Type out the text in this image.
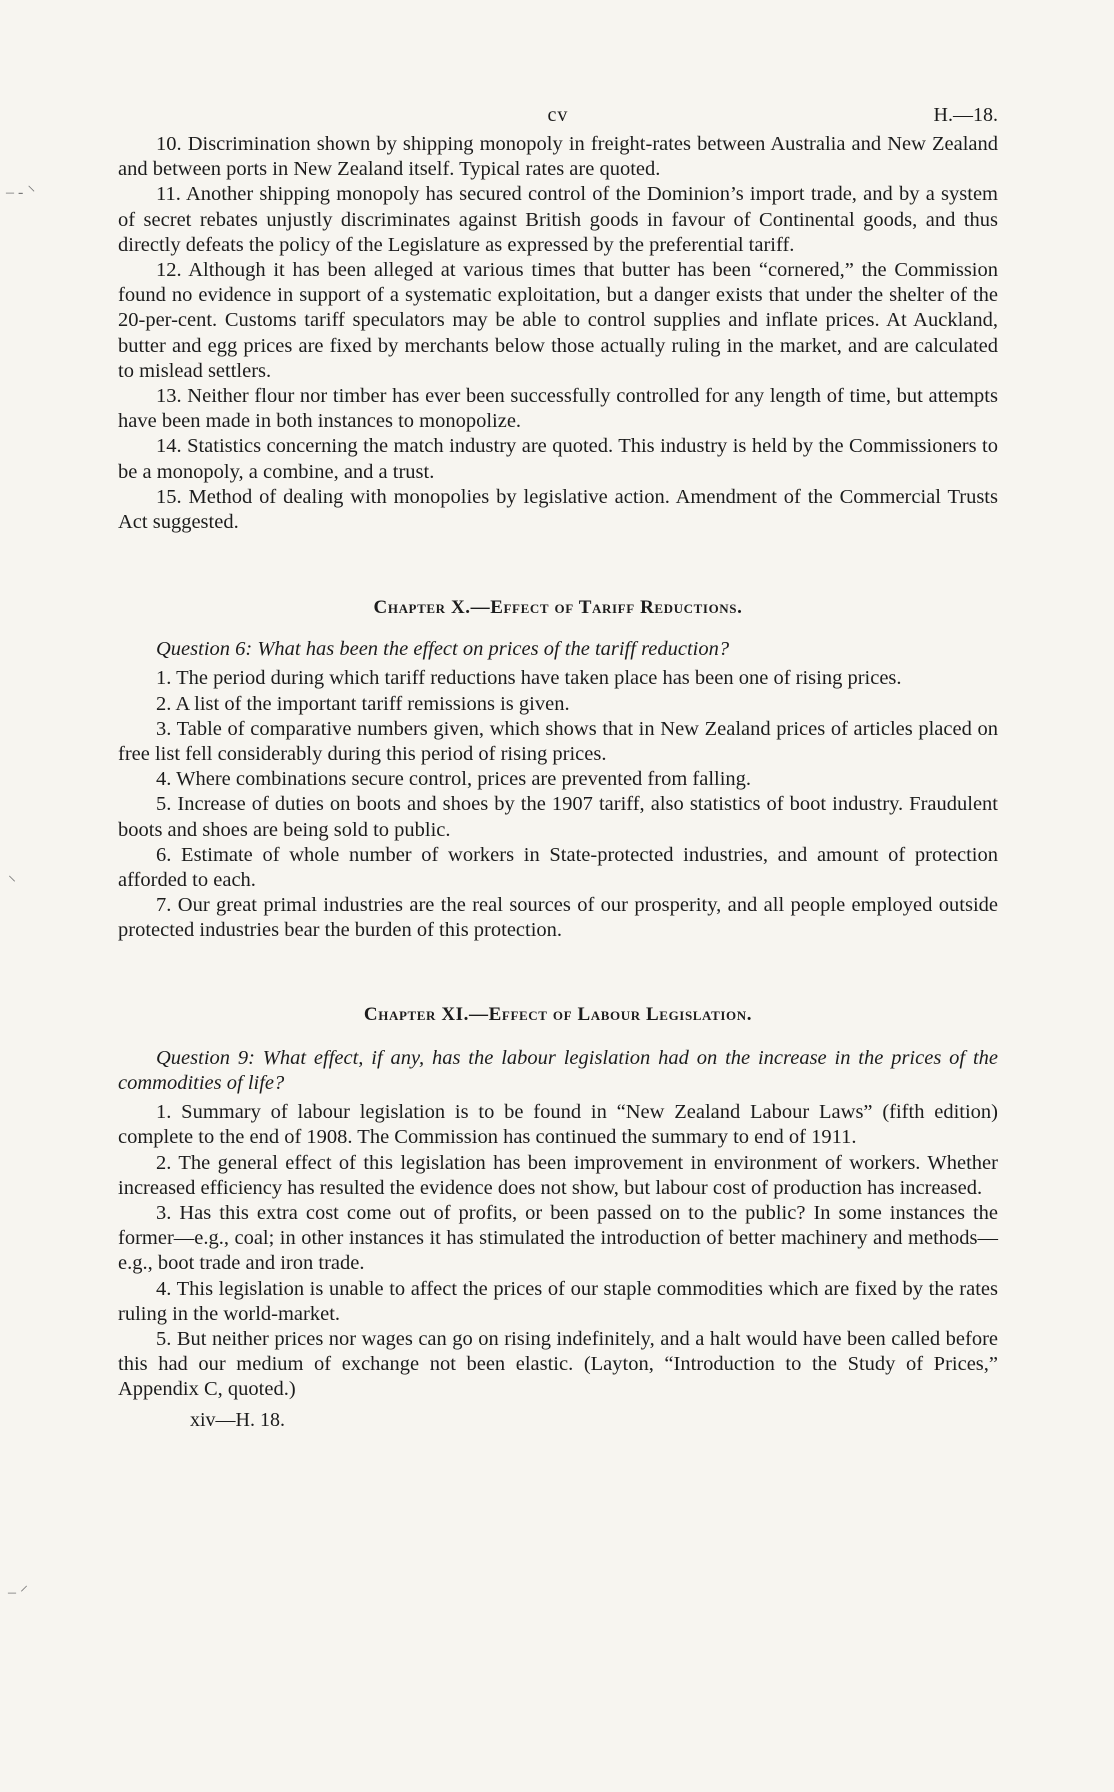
– ‑ ⸌
⸌
– ⸍
cv	H.—18.

10. Discrimination shown by shipping monopoly in freight-rates between Australia and New Zealand and between ports in New Zealand itself. Typical rates are quoted.

11. Another shipping monopoly has secured control of the Dominion’s import trade, and by a system of secret rebates unjustly discriminates against British goods in favour of Continental goods, and thus directly defeats the policy of the Legislature as expressed by the preferential tariff.

12. Although it has been alleged at various times that butter has been “cornered,” the Commission found no evidence in support of a systematic exploitation, but a danger exists that under the shelter of the 20-per-cent. Customs tariff speculators may be able to control supplies and inflate prices. At Auckland, butter and egg prices are fixed by merchants below those actually ruling in the market, and are calculated to mislead settlers.

13. Neither flour nor timber has ever been successfully controlled for any length of time, but attempts have been made in both instances to monopolize.

14. Statistics concerning the match industry are quoted. This industry is held by the Commissioners to be a monopoly, a combine, and a trust.

15. Method of dealing with monopolies by legislative action. Amendment of the Commercial Trusts Act suggested.

Chapter X.—Effect of Tariff Reductions.

Question 6: What has been the effect on prices of the tariff reduction?

1. The period during which tariff reductions have taken place has been one of rising prices.

2. A list of the important tariff remissions is given.

3. Table of comparative numbers given, which shows that in New Zealand prices of articles placed on free list fell considerably during this period of rising prices.

4. Where combinations secure control, prices are prevented from falling.

5. Increase of duties on boots and shoes by the 1907 tariff, also statistics of boot industry. Fraudulent boots and shoes are being sold to public.

6. Estimate of whole number of workers in State-protected industries, and amount of protection afforded to each.

7. Our great primal industries are the real sources of our prosperity, and all people employed outside protected industries bear the burden of this protection.

Chapter XI.—Effect of Labour Legislation.

Question 9: What effect, if any, has the labour legislation had on the increase in the prices of the commodities of life?

1. Summary of labour legislation is to be found in “New Zealand Labour Laws” (fifth edition) complete to the end of 1908. The Commission has continued the summary to end of 1911.

2. The general effect of this legislation has been improvement in environment of workers. Whether increased efficiency has resulted the evidence does not show, but labour cost of production has increased.

3. Has this extra cost come out of profits, or been passed on to the public? In some instances the former—e.g., coal; in other instances it has stimulated the introduction of better machinery and methods—e.g., boot trade and iron trade.

4. This legislation is unable to affect the prices of our staple commodities which are fixed by the rates ruling in the world-market.

5. But neither prices nor wages can go on rising indefinitely, and a halt would have been called before this had our medium of exchange not been elastic. (Layton, “Introduction to the Study of Prices,” Appendix C, quoted.)

xiv—H. 18.
